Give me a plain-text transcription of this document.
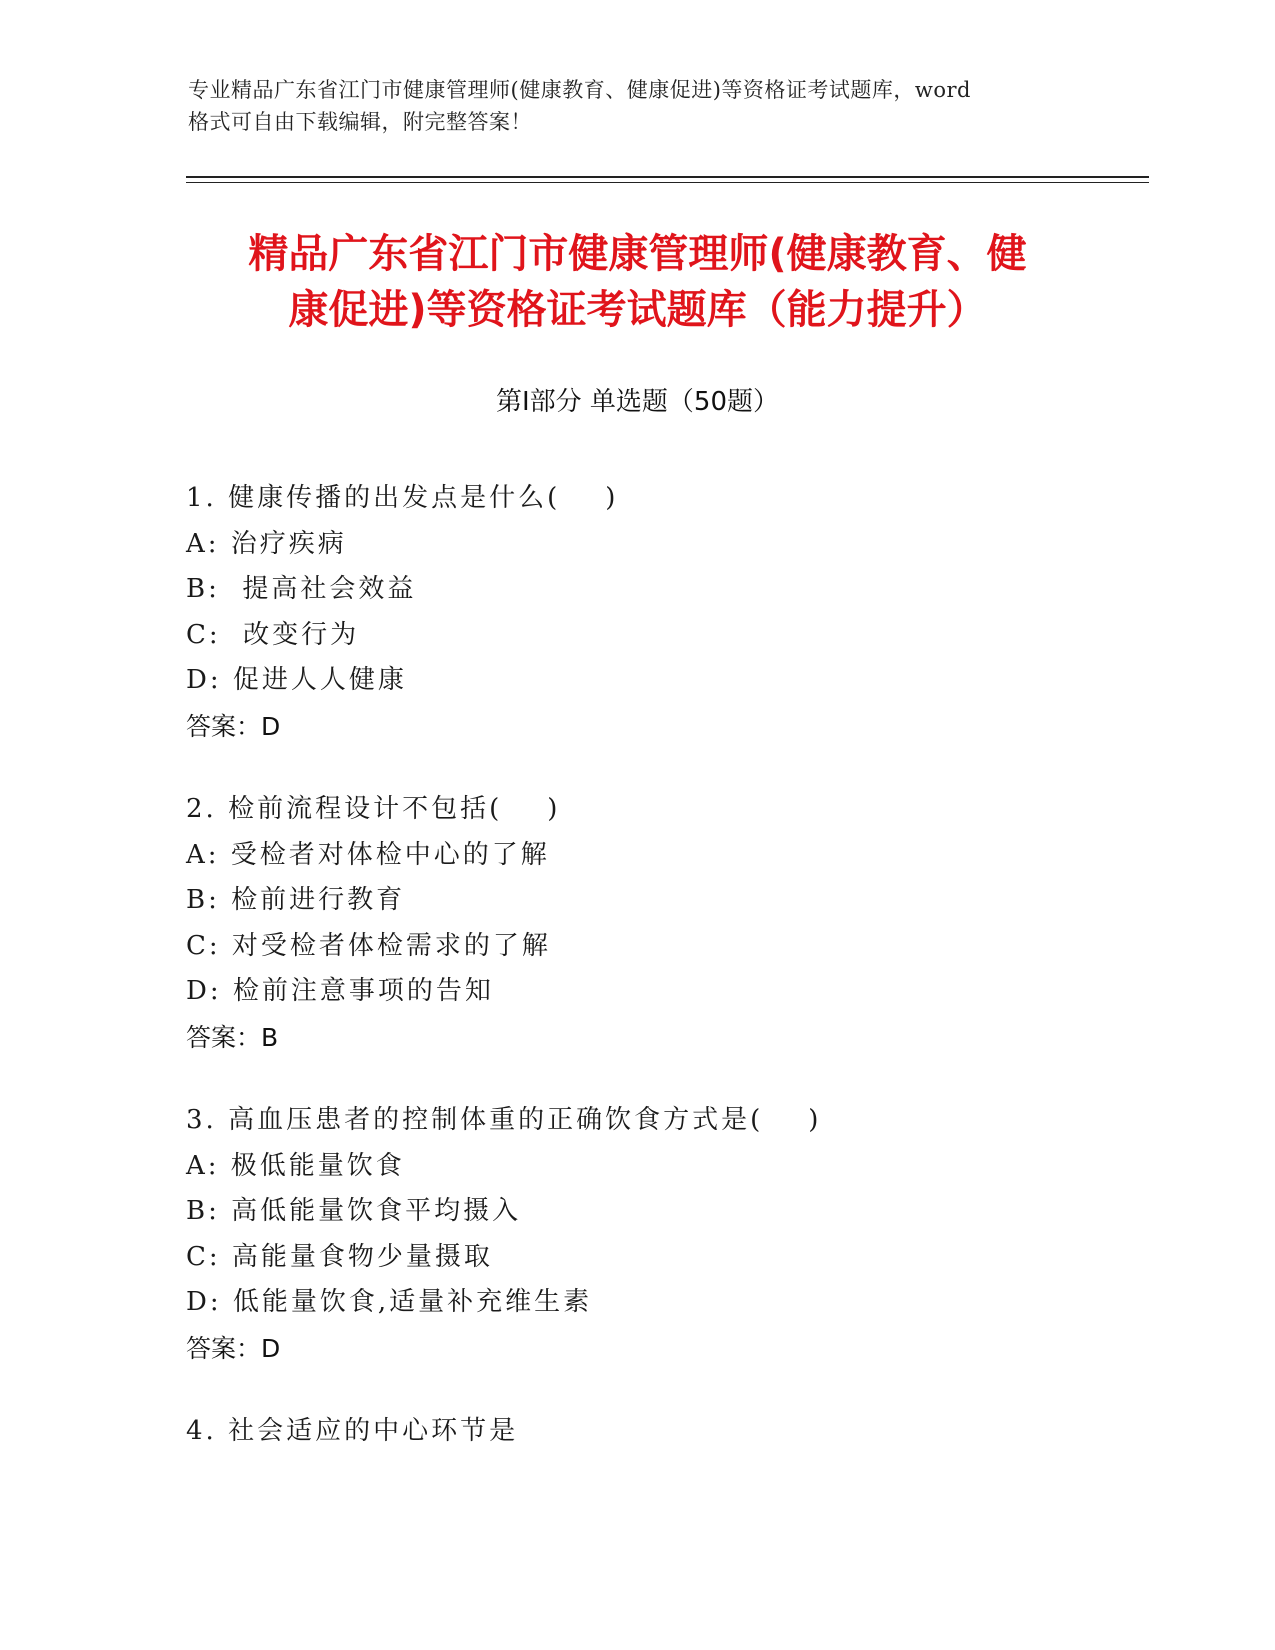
专业精品广东省江门市健康管理师(健康教育、健康促进)等资格证考试题库，word
格式可自由下载编辑，附完整答案！
精品广东省江门市健康管理师(健康教育、健
康促进)等资格证考试题库（能力提升）
第Ⅰ部分 单选题（50题）
1. 健康传播的出发点是什么(    )
A: 治疗疾病
B:  提高社会效益
C:  改变行为
D: 促进人人健康
答案：D
2. 检前流程设计不包括(    )
A: 受检者对体检中心的了解
B: 检前进行教育
C: 对受检者体检需求的了解
D: 检前注意事项的告知
答案：B
3. 高血压患者的控制体重的正确饮食方式是(    )
A: 极低能量饮食
B: 高低能量饮食平均摄入
C: 高能量食物少量摄取
D: 低能量饮食,适量补充维生素
答案：D
4. 社会适应的中心环节是
